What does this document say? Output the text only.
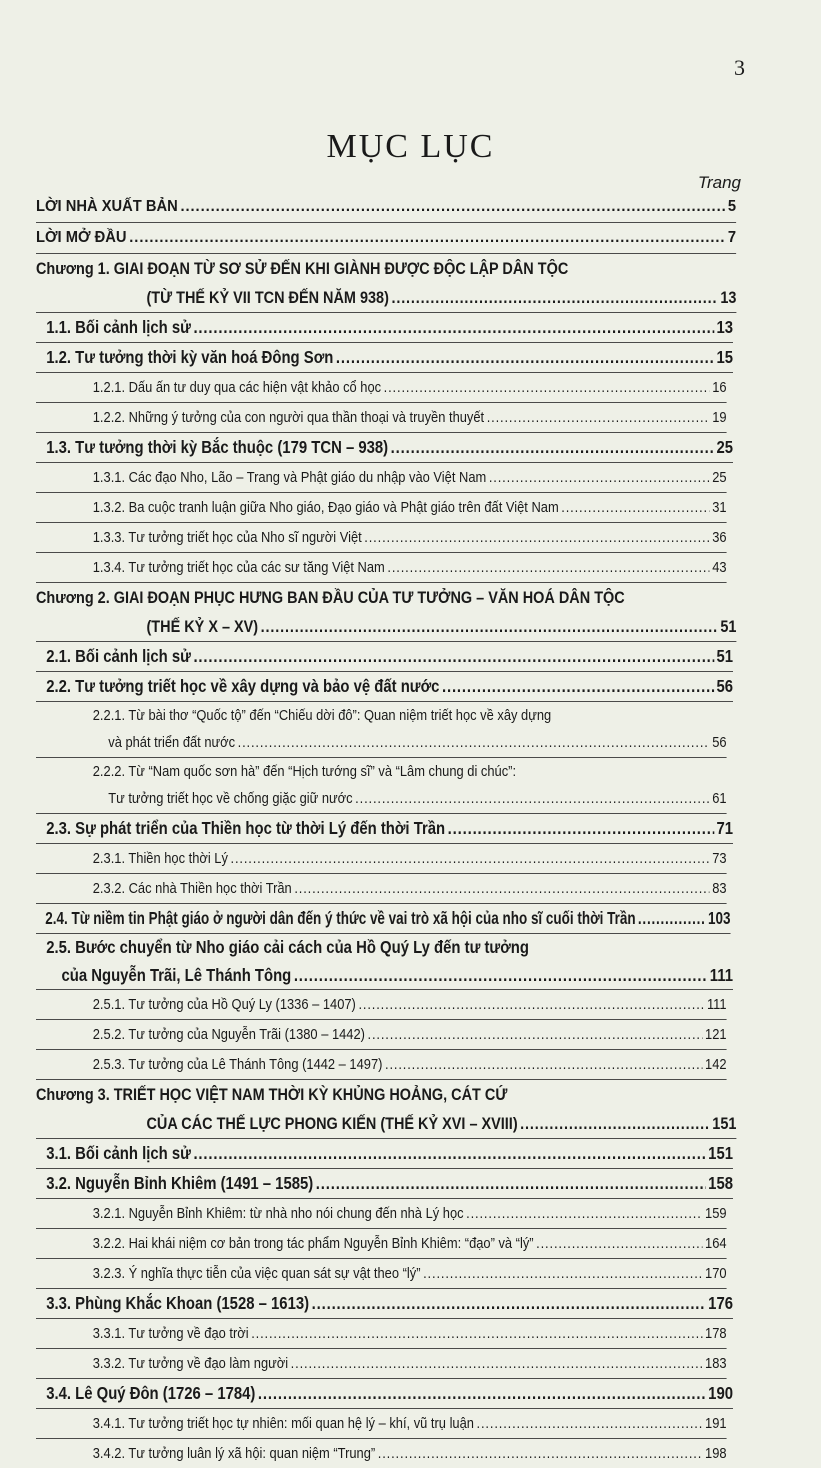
3
MỤC LỤC
Trang
LỜI NHÀ XUẤT BẢN .....	5
LỜI MỞ ĐẦU .....	7
Chương 1. GIAI ĐOẠN TỪ SƠ SỬ ĐẾN KHI GIÀNH ĐƯỢC ĐỘC LẬP DÂN TỘC
(TỪ THẾ KỶ VII TCN ĐẾN NĂM 938) .....	13
1.1. Bối cảnh lịch sử .....	13
1.2. Tư tưởng thời kỳ văn hoá Đông Sơn .....	15
1.2.1. Dấu ấn tư duy qua các hiện vật khảo cổ học .....	16
1.2.2. Những ý tưởng của con người qua thần thoại và truyền thuyết .....	19
1.3. Tư tưởng thời kỳ Bắc thuộc (179 TCN – 938) .....	25
1.3.1. Các đạo Nho, Lão – Trang và Phật giáo du nhập vào Việt Nam .....	25
1.3.2. Ba cuộc tranh luận giữa Nho giáo, Đạo giáo và Phật giáo trên đất Việt Nam .....	31
1.3.3. Tư tưởng triết học của Nho sĩ người Việt .....	36
1.3.4. Tư tưởng triết học của các sư tăng Việt Nam .....	43
Chương 2. GIAI ĐOẠN PHỤC HƯNG BAN ĐẦU CỦA TƯ TƯỞNG – VĂN HOÁ DÂN TỘC
(THẾ KỶ X – XV) .....	51
2.1. Bối cảnh lịch sử .....	51
2.2. Tư tưởng triết học về xây dựng và bảo vệ đất nước .....	56
2.2.1. Từ bài thơ “Quốc tộ” đến “Chiếu dời đô”: Quan niệm triết học về xây dựng
và phát triển đất nước .....	56
2.2.2. Từ “Nam quốc sơn hà” đến “Hịch tướng sĩ” và “Lâm chung di chúc”:
Tư tưởng triết học về chống giặc giữ nước .....	61
2.3. Sự phát triển của Thiền học từ thời Lý đến thời Trần .....	71
2.3.1. Thiền học thời Lý .....	73
2.3.2. Các nhà Thiền học thời Trần .....	83
2.4. Từ niềm tin Phật giáo ở người dân đến ý thức về vai trò xã hội của nho sĩ cuối thời Trần .....	103
2.5. Bước chuyển từ Nho giáo cải cách của Hồ Quý Ly đến tư tưởng
của Nguyễn Trãi, Lê Thánh Tông .....	111
2.5.1. Tư tưởng của Hồ Quý Ly (1336 – 1407) .....	111
2.5.2. Tư tưởng của Nguyễn Trãi (1380 – 1442) .....	121
2.5.3. Tư tưởng của Lê Thánh Tông (1442 – 1497) .....	142
Chương 3. TRIẾT HỌC VIỆT NAM THỜI KỲ KHỦNG HOẢNG, CÁT CỨ
CỦA CÁC THẾ LỰC PHONG KIẾN (THẾ KỶ XVI – XVIII) .....	151
3.1. Bối cảnh lịch sử .....	151
3.2. Nguyễn Bỉnh Khiêm (1491 – 1585) .....	158
3.2.1. Nguyễn Bỉnh Khiêm: từ nhà nho nói chung đến nhà Lý học .....	159
3.2.2. Hai khái niệm cơ bản trong tác phẩm Nguyễn Bỉnh Khiêm: “đạo” và “lý” .....	164
3.2.3. Ý nghĩa thực tiễn của việc quan sát sự vật theo “lý” .....	170
3.3. Phùng Khắc Khoan (1528 – 1613) .....	176
3.3.1. Tư tưởng về đạo trời .....	178
3.3.2. Tư tưởng về đạo làm người .....	183
3.4. Lê Quý Đôn (1726 – 1784) .....	190
3.4.1. Tư tưởng triết học tự nhiên: mối quan hệ lý – khí, vũ trụ luận .....	191
3.4.2. Tư tưởng luân lý xã hội: quan niệm “Trung” .....	198
